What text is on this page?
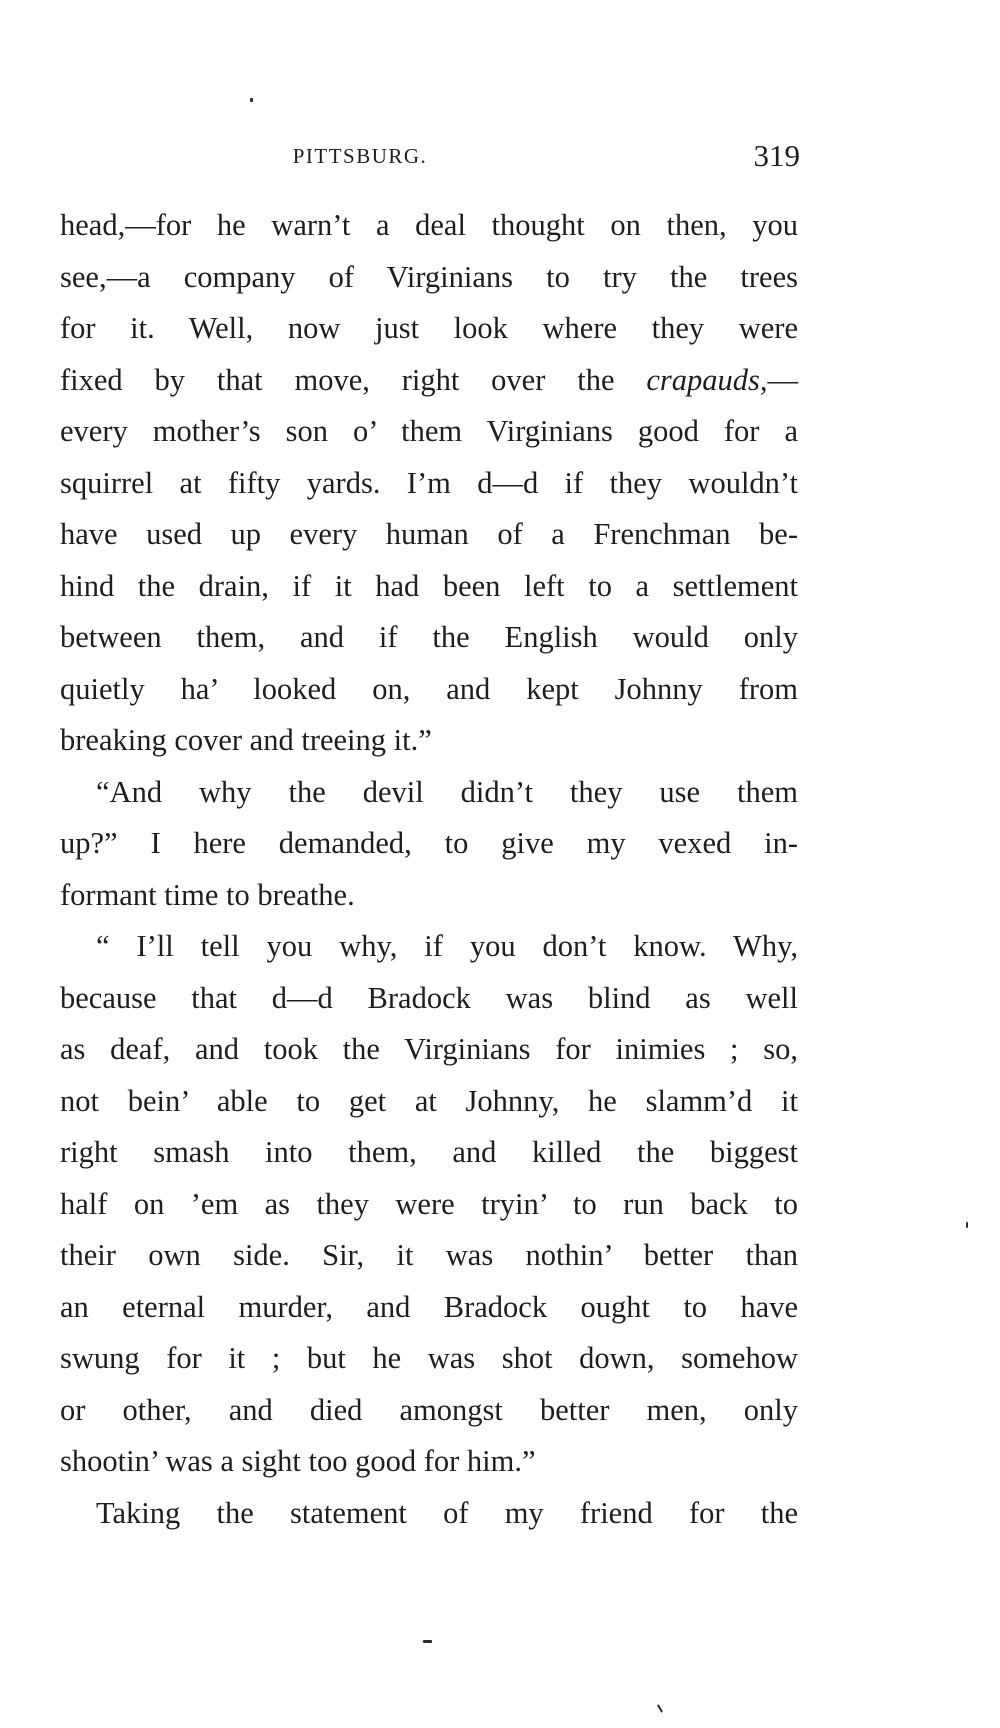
PITTSBURG.	319
head,—for he warn’t a deal thought on then, you
see,—a company of Virginians to try the trees
for it. Well, now just look where they were
fixed by that move, right over the crapauds,—
every mother’s son o’ them Virginians good for a
squirrel at fifty yards. I’m d—d if they wouldn’t
have used up every human of a Frenchman be-
hind the drain, if it had been left to a settlement
between them, and if the English would only
quietly ha’ looked on, and kept Johnny from
breaking cover and treeing it.”
“And why the devil didn’t they use them
up?” I here demanded, to give my vexed in-
formant time to breathe.
“ I’ll tell you why, if you don’t know. Why,
because that d—d Bradock was blind as well
as deaf, and took the Virginians for inimies ; so,
not bein’ able to get at Johnny, he slamm’d it
right smash into them, and killed the biggest
half on ’em as they were tryin’ to run back to
their own side. Sir, it was nothin’ better than
an eternal murder, and Bradock ought to have
swung for it ; but he was shot down, somehow
or other, and died amongst better men, only
shootin’ was a sight too good for him.”
Taking the statement of my friend for the
